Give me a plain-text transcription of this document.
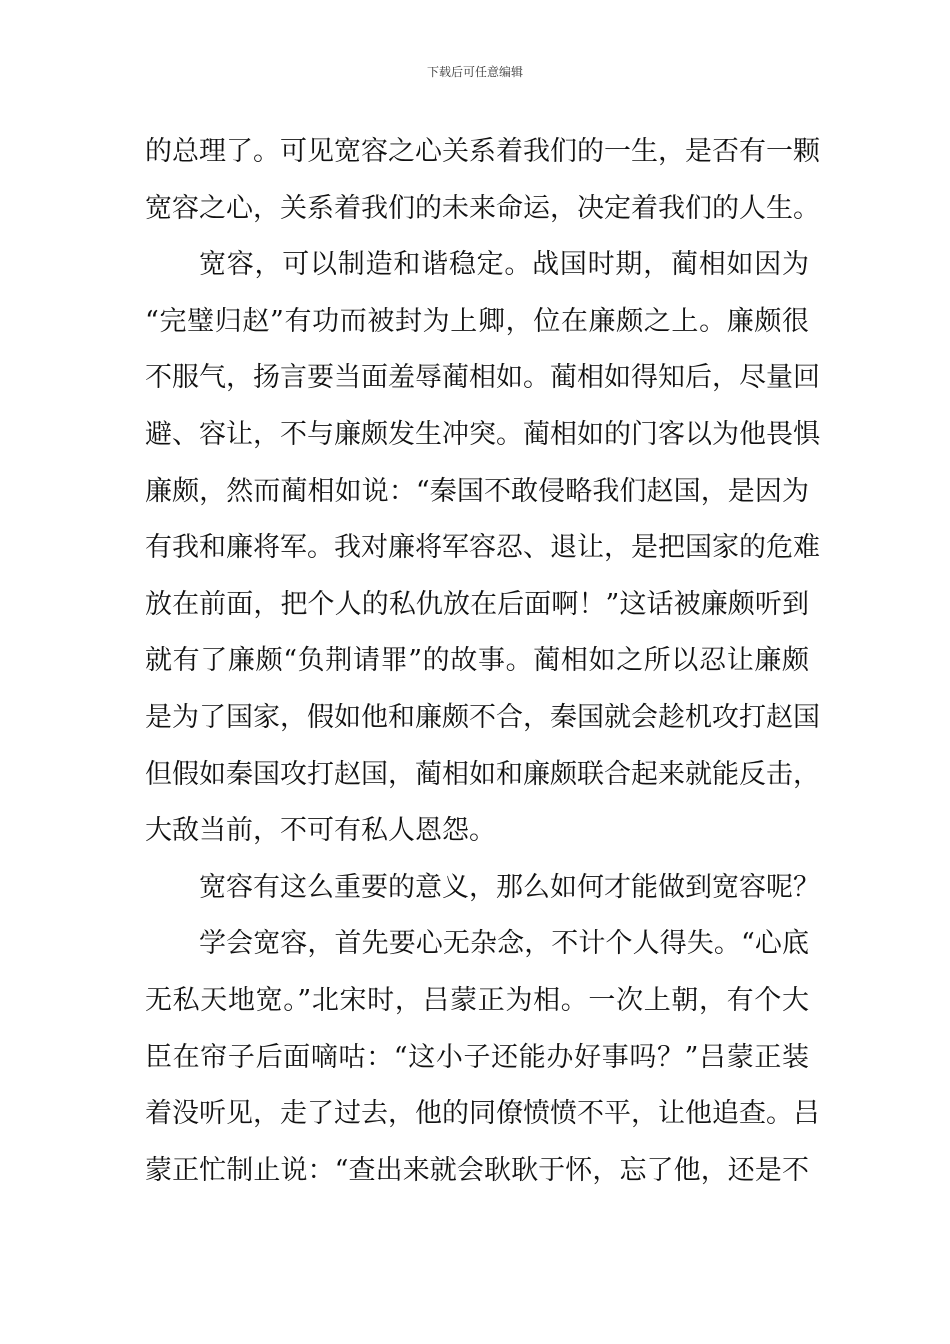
下载后可任意编辑
的总理了。可见宽容之心关系着我们的一生，是否有一颗
宽容之心，关系着我们的未来命运，决定着我们的人生。
宽容，可以制造和谐稳定。战国时期，蔺相如因为
“完璧归赵”有功而被封为上卿，位在廉颇之上。廉颇很
不服气，扬言要当面羞辱蔺相如。蔺相如得知后，尽量回
避、容让，不与廉颇发生冲突。蔺相如的门客以为他畏惧
廉颇，然而蔺相如说：“秦国不敢侵略我们赵国，是因为
有我和廉将军。我对廉将军容忍、退让，是把国家的危难
放在前面，把个人的私仇放在后面啊！”这话被廉颇听到
就有了廉颇“负荆请罪”的故事。蔺相如之所以忍让廉颇
是为了国家，假如他和廉颇不合，秦国就会趁机攻打赵国
但假如秦国攻打赵国，蔺相如和廉颇联合起来就能反击，
大敌当前，不可有私人恩怨。
宽容有这么重要的意义，那么如何才能做到宽容呢？
学会宽容，首先要心无杂念，不计个人得失。“心底
无私天地宽。”北宋时，吕蒙正为相。一次上朝，有个大
臣在帘子后面嘀咕：“这小子还能办好事吗？”吕蒙正装
着没听见，走了过去，他的同僚愤愤不平，让他追查。吕
蒙正忙制止说：“查出来就会耿耿于怀，忘了他，还是不
